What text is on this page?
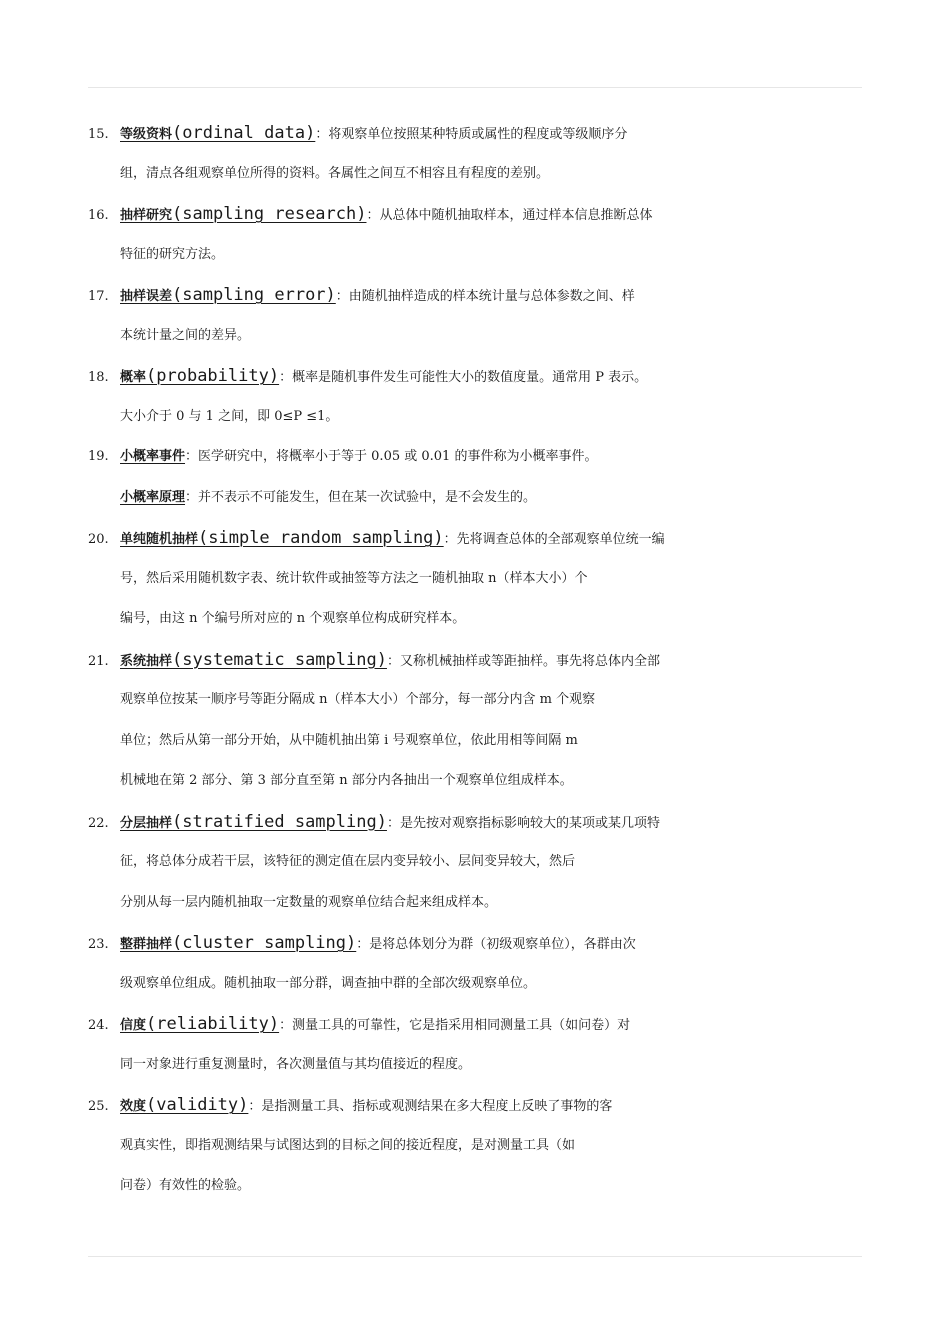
15. 等级资料(ordinal data)：将观察单位按照某种特质或属性的程度或等级顺序分
组，清点各组观察单位所得的资料。各属性之间互不相容且有程度的差别。
16. 抽样研究(sampling research)：从总体中随机抽取样本，通过样本信息推断总体
特征的研究方法。
17. 抽样误差(sampling error)：由随机抽样造成的样本统计量与总体参数之间、样
本统计量之间的差异。
18. 概率(probability)：概率是随机事件发生可能性大小的数值度量。通常用 P 表示。
大小介于 0 与 1 之间，即 0≤P ≤1。
19. 小概率事件：医学研究中，将概率小于等于 0.05 或 0.01 的事件称为小概率事件。
小概率原理：并不表示不可能发生，但在某一次试验中，是不会发生的。
20. 单纯随机抽样(simple random sampling)：先将调查总体的全部观察单位统一编
号，然后采用随机数字表、统计软件或抽签等方法之一随机抽取 n（样本大小）个
编号，由这 n 个编号所对应的 n 个观察单位构成研究样本。
21. 系统抽样(systematic sampling)：又称机械抽样或等距抽样。事先将总体内全部
观察单位按某一顺序号等距分隔成 n（样本大小）个部分，每一部分内含 m 个观察
单位；然后从第一部分开始，从中随机抽出第 i 号观察单位，依此用相等间隔 m
机械地在第 2 部分、第 3 部分直至第 n 部分内各抽出一个观察单位组成样本。
22. 分层抽样(stratified sampling)：是先按对观察指标影响较大的某项或某几项特
征，将总体分成若干层，该特征的测定值在层内变异较小、层间变异较大，然后
分别从每一层内随机抽取一定数量的观察单位结合起来组成样本。
23. 整群抽样(cluster sampling)：是将总体划分为群（初级观察单位），各群由次
级观察单位组成。随机抽取一部分群，调查抽中群的全部次级观察单位。
24. 信度(reliability)：测量工具的可靠性，它是指采用相同测量工具（如问卷）对
同一对象进行重复测量时，各次测量值与其均值接近的程度。
25. 效度(validity)：是指测量工具、指标或观测结果在多大程度上反映了事物的客
观真实性，即指观测结果与试图达到的目标之间的接近程度，是对测量工具（如
问卷）有效性的检验。
